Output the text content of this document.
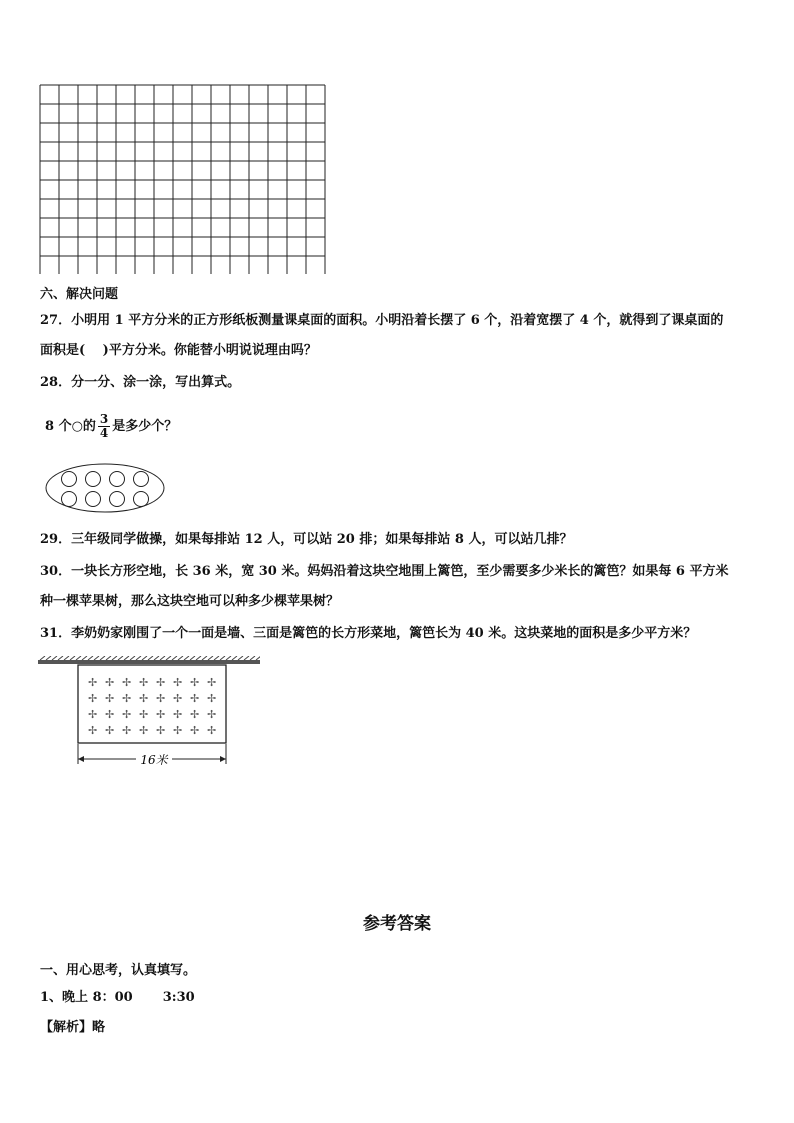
六、解决问题
27．小明用 1 平方分米的正方形纸板测量课桌面的面积。小明沿着长摆了 6 个，沿着宽摆了 4 个，就得到了课桌面的
面积是(　 )平方分米。你能替小明说说理由吗？
28．分一分、涂一涂，写出算式。
8 个○的 $\frac{3}{4}$ 是多少个？
29．三年级同学做操，如果每排站 12 人，可以站 20 排；如果每排站 8 人，可以站几排？
30．一块长方形空地，长 36 米，宽 30 米。妈妈沿着这块空地围上篱笆，至少需要多少米长的篱笆？如果每 6 平方米
种一棵苹果树，那么这块空地可以种多少棵苹果树？
31．李奶奶家刚围了一个一面是墙、三面是篱笆的长方形菜地，篱笆长为 40 米。这块菜地的面积是多少平方米？
✢ ✢ ✢ ✢ ✢ ✢ ✢ ✢
✢ ✢ ✢ ✢ ✢ ✢ ✢ ✢
✢ ✢ ✢ ✢ ✢ ✢ ✢ ✢
✢ ✢ ✢ ✢ ✢ ✢ ✢ ✢
16米
参考答案
一、用心思考，认真填写。
1、晚上 8：00 3:30
【解析】略
